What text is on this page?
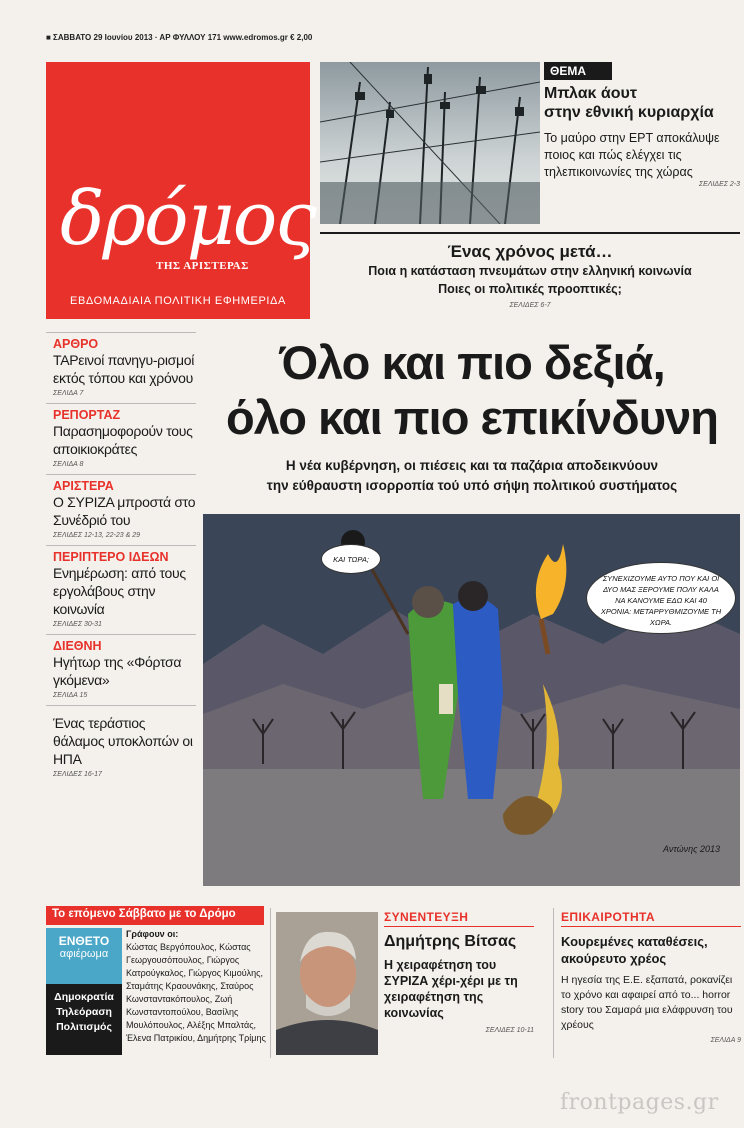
■ ΣΑΒΒΑΤΟ 29 Ιουνίου 2013 · ΑΡ ΦΥΛΛΟΥ 171 www.edromos.gr € 2,00
δρόμος
ΤΗΣ ΑΡΙΣΤΕΡΑΣ
ΕΒΔΟΜΑΔΙΑΙΑ ΠΟΛΙΤΙΚΗ ΕΦΗΜΕΡΙΔΑ
ΘΕΜΑ
Μπλακ άουτ
στην εθνική κυριαρχία
Το μαύρο στην ΕΡΤ αποκάλυψε ποιος και πώς ελέγχει τις τηλεπικοινωνίες της χώρας
ΣΕΛΙΔΕΣ 2-3
Ένας χρόνος μετά…
Ποια η κατάσταση πνευμάτων στην ελληνική κοινωνία
Ποιες οι πολιτικές προοπτικές;
ΣΕΛΙΔΕΣ 6-7
ΑΡΘΡΟ
ΤΑΡεινοί πανηγυ-ρισμοί εκτός τόπου και χρόνου
ΣΕΛΙΔΑ 7
ΡΕΠΟΡΤΑΖ
Παρασημοφορούν τους αποικιοκράτες
ΣΕΛΙΔΑ 8
ΑΡΙΣΤΕΡΑ
Ο ΣΥΡΙΖΑ μπροστά στο Συνέδριό του
ΣΕΛΙΔΕΣ 12-13, 22-23 & 29
ΠΕΡΙΠΤΕΡΟ ΙΔΕΩΝ
Ενημέρωση: από τους εργολάβους στην κοινωνία
ΣΕΛΙΔΕΣ 30-31
ΔΙΕΘΝΗ
Ηγήτωρ της «Φόρτσα γκόμενα»
ΣΕΛΙΔΑ 15
Ένας τεράστιος θάλαμος υποκλοπών οι ΗΠΑ
ΣΕΛΙΔΕΣ 16-17
Όλο και πιο δεξιά,
όλο και πιο επικίνδυνη
Η νέα κυβέρνηση, οι πιέσεις και τα παζάρια αποδεικνύουν
την εύθραυστη ισορροπία τού υπό σήψη πολιτικού συστήματος
ΚΑΙ ΤΩΡΑ;
ΣΥΝΕΧΙΖΟΥΜΕ ΑΥΤΟ ΠΟΥ ΚΑΙ ΟΙ ΔΥΟ ΜΑΣ ΞΕΡΟΥΜΕ ΠΟΛΥ ΚΑΛΑ ΝΑ ΚΑΝΟΥΜΕ ΕΔΩ ΚΑΙ 40 ΧΡΟΝΙΑ: ΜΕΤΑΡΡΥΘΜΙΖΟΥΜΕ ΤΗ ΧΩΡΑ.
Αντώνης 2013
Το επόμενο Σάββατο με το Δρόμο
ΕΝΘΕΤΟ
αφιέρωμα
Δημοκρατία Τηλεόραση Πολιτισμός
Γράφουν οι:
Κώστας Βεργόπουλος, Κώστας Γεωργουσόπουλος, Γιώργος Κατρούγκαλος, Γιώργος Κιμούλης, Σταμάτης Κραουνάκης, Σταύρος Κωνσταντακόπουλος, Ζωή Κωνσταντοπούλου, Βασίλης Μουλόπουλος, Αλέξης Μπαλτάς, Έλενα Πατρικίου, Δημήτρης Τρίμης
ΣΥΝΕΝΤΕΥΞΗ
Δημήτρης Βίτσας
Η χειραφέτηση του ΣΥΡΙΖΑ χέρι-χέρι με τη χειραφέτηση της κοινωνίας
ΣΕΛΙΔΕΣ 10-11
ΕΠΙΚΑΙΡΟΤΗΤΑ
Κουρεμένες καταθέσεις, ακούρευτο χρέος
Η ηγεσία της Ε.Ε. εξαπατά, ροκανίζει το χρόνο και αφαιρεί από το... horror story του Σαμαρά μια ελάφρυνση του χρέους
ΣΕΛΙΔΑ 9
frontpages.gr
